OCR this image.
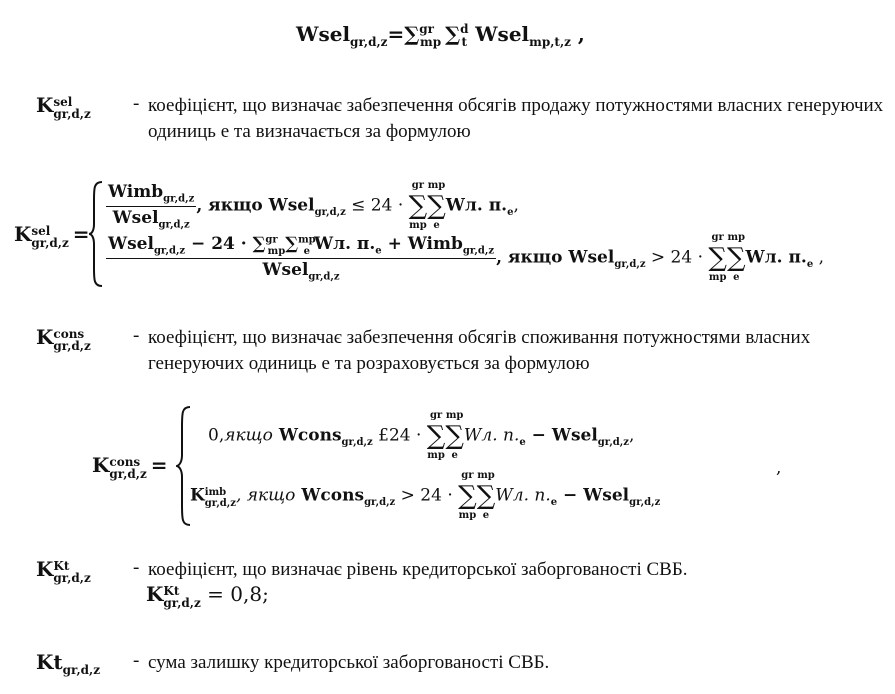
Wsel$_{gr,d,z}$=∑$^{gr}_{mp}$ ∑$^d_t$ Wsel$_{mp,t,z}$ ,
K sel
gr,d,z - коефіцієнт, що визначає забезпечення обсягів продажу потужностями власних генеруючих одиниць е та визначається за формулою
K sel
gr,d,z =
$\frac{Wimb_{gr,d,z}}{Wsel_{gr,d,z}}$ , якщо Wsel$_{gr,d,z}$ ≤ 24 ·
gr
∑
mp
mp
∑
e
Wл. $п._e$,
$\frac{Wsel_{gr,d,z} - 24 \cdot \sum^{gr}_{mp}\sum^{mp}_e Wл. п._e + Wimb_{gr,d,z}}{Wsel_{gr,d,z}}$ , якщо Wsel$_{gr,d,z}$ > 24 ·
gr
∑
mp
mp
∑
e
Wл. $п._e$ ,
K cons
gr,d,z - коефіцієнт, що визначає забезпечення обсягів споживання потужностями власних генеруючих одиниць е та розраховується за формулою
K cons
gr,d,z =
0,якщо Wcons$_{gr,d,z}$ £24 ·
gr
∑
mp
mp
∑
e
Wл. $п._e$ − Wsel$_{gr,d,z}$,
K imb
gr,d,z , якщо Wcons$_{gr,d,z}$ > 24 ·
gr
∑
mp
mp
∑
e
Wл. $п._e$ − Wsel$_{gr,d,z}$
,
K Kt
gr,d,z - коефіцієнт, що визначає рівень кредиторської заборгованості СВБ.
K Kt
gr,d,z = 0,8;
$Kt_{gr,d,z}$ - сума залишку кредиторської заборгованості СВБ.
